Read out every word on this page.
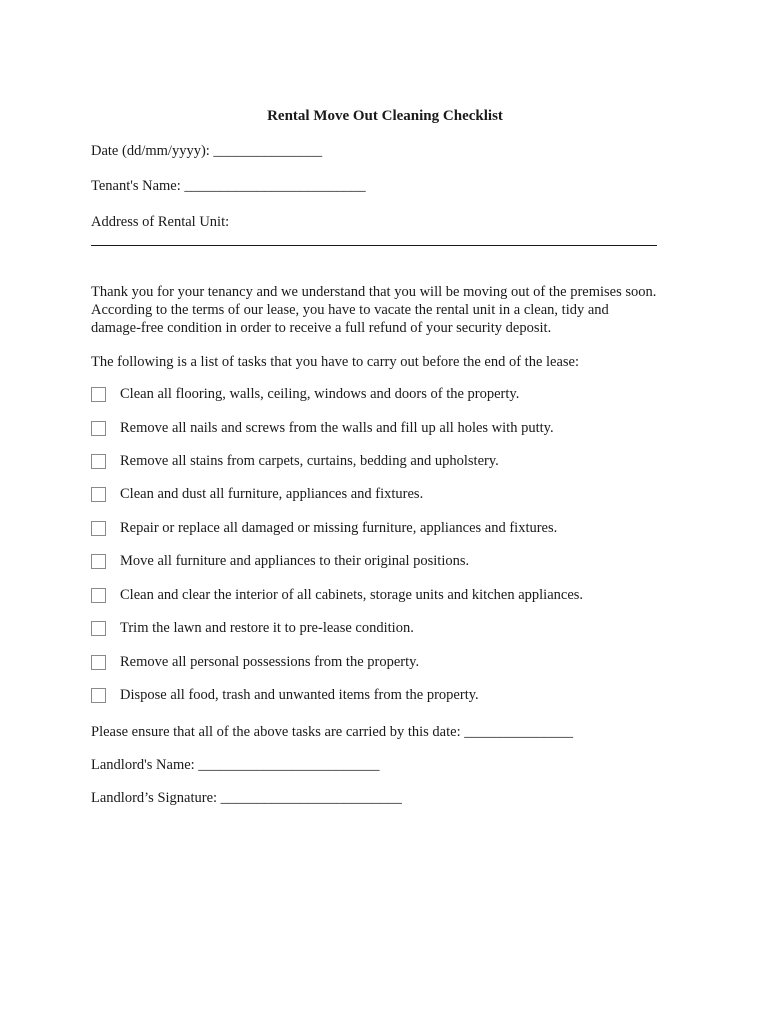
Rental Move Out Cleaning Checklist
Date (dd/mm/yyyy): _______________
Tenant's Name: _________________________
Address of Rental Unit:
Thank you for your tenancy and we understand that you will be moving out of the premises soon.
According to the terms of our lease, you have to vacate the rental unit in a clean, tidy and
damage-free condition in order to receive a full refund of your security deposit.
The following is a list of tasks that you have to carry out before the end of the lease:
Clean all flooring, walls, ceiling, windows and doors of the property.
Remove all nails and screws from the walls and fill up all holes with putty.
Remove all stains from carpets, curtains, bedding and upholstery.
Clean and dust all furniture, appliances and fixtures.
Repair or replace all damaged or missing furniture, appliances and fixtures.
Move all furniture and appliances to their original positions.
Clean and clear the interior of all cabinets, storage units and kitchen appliances.
Trim the lawn and restore it to pre-lease condition.
Remove all personal possessions from the property.
Dispose all food, trash and unwanted items from the property.
Please ensure that all of the above tasks are carried by this date: _______________
Landlord's Name: _________________________
Landlord’s Signature: _________________________
